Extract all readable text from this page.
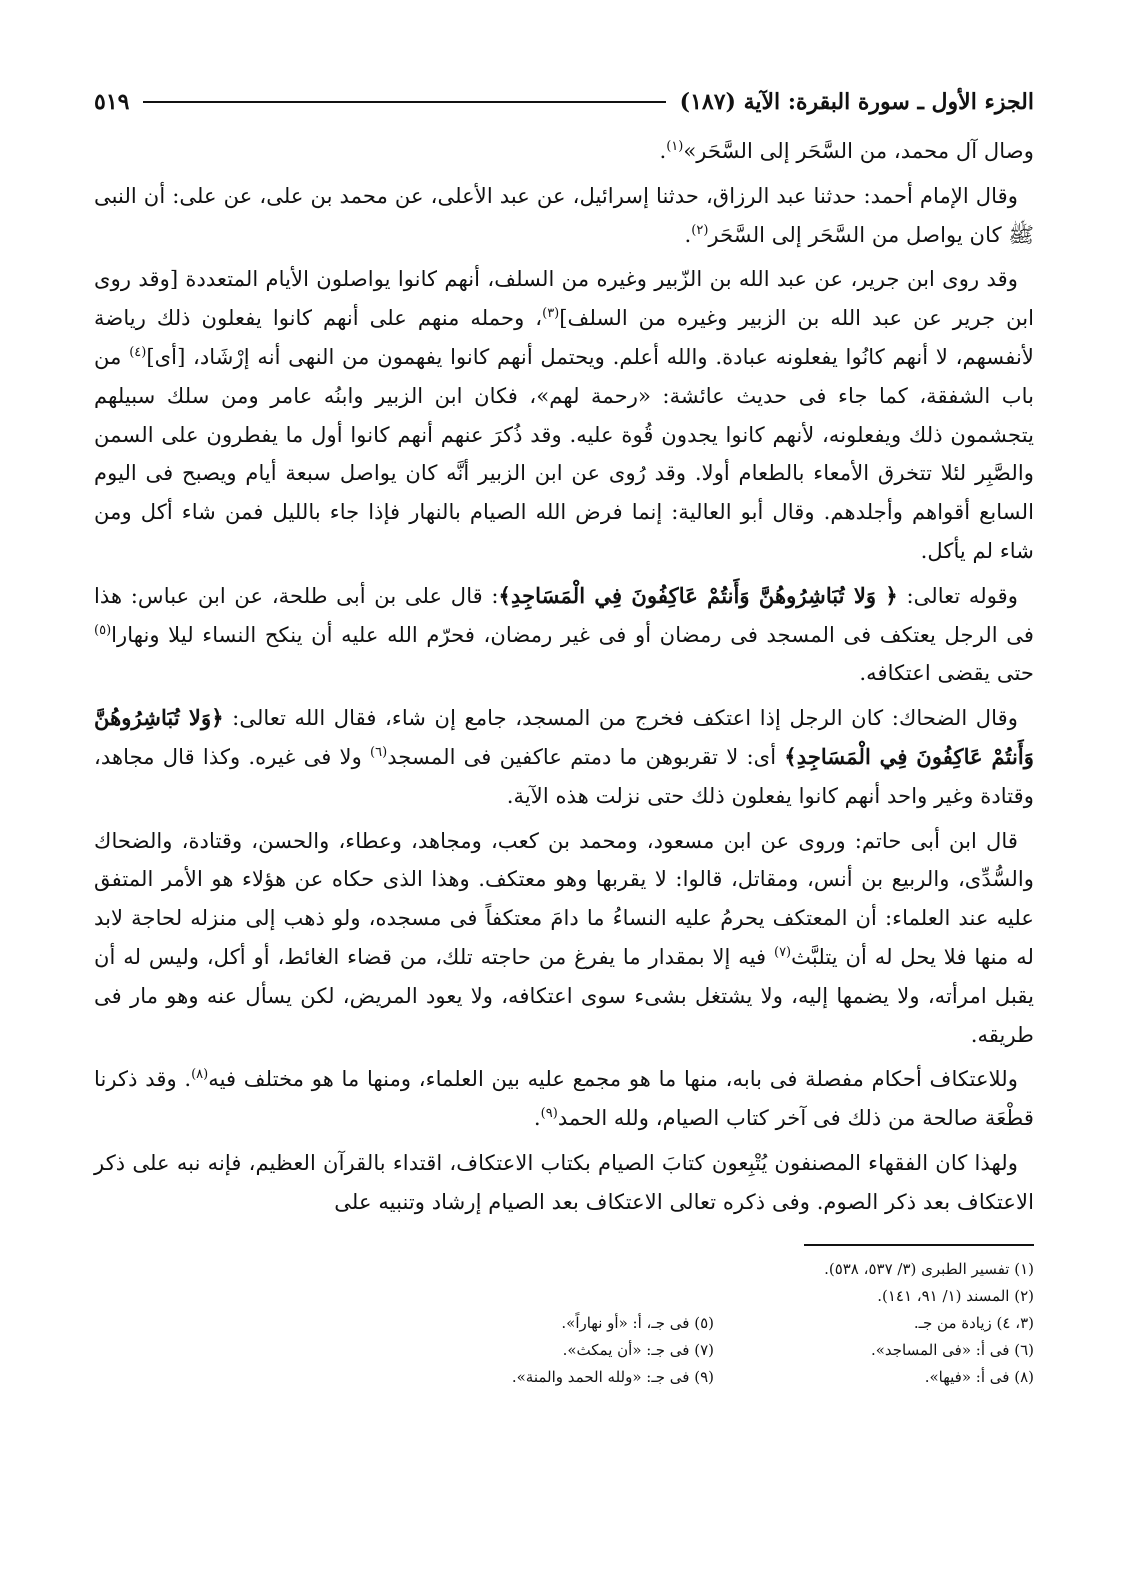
الجزء الأول ـ سورة البقرة: الآية (١٨٧)
٥١٩

وصال آل محمد، من السَّحَر إلى السَّحَر»$^{(١)}$.

وقال الإمام أحمد: حدثنا عبد الرزاق، حدثنا إسرائيل، عن عبد الأعلى، عن محمد بن على، عن على: أن النبى ﷺ كان يواصل من السَّحَر إلى السَّحَر$^{(٢)}$.

وقد روى ابن جرير، عن عبد الله بن الزّبير وغيره من السلف، أنهم كانوا يواصلون الأيام المتعددة [وقد روى ابن جرير عن عبد الله بن الزبير وغيره من السلف]$^{(٣)}$، وحمله منهم على أنهم كانوا يفعلون ذلك رياضة لأنفسهم، لا أنهم كانُوا يفعلونه عبادة. والله أعلم. ويحتمل أنهم كانوا يفهمون من النهى أنه إرْشَاد، [أى]$^{(٤)}$ من باب الشفقة، كما جاء فى حديث عائشة: «رحمة لهم»، فكان ابن الزبير وابنُه عامر ومن سلك سبيلهم يتجشمون ذلك ويفعلونه، لأنهم كانوا يجدون قُوة عليه. وقد ذُكرَ عنهم أنهم كانوا أول ما يفطرون على السمن والصَّبِر لئلا تتخرق الأمعاء بالطعام أولا. وقد رُوى عن ابن الزبير أنَّه كان يواصل سبعة أيام ويصبح فى اليوم السابع أقواهم وأجلدهم. وقال أبو العالية: إنما فرض الله الصيام بالنهار فإذا جاء بالليل فمن شاء أكل ومن شاء لم يأكل.

وقوله تعالى: ﴿ وَلا تُبَاشِرُوهُنَّ وَأَنتُمْ عَاكِفُونَ فِي الْمَسَاجِدِ﴾: قال على بن أبى طلحة، عن ابن عباس: هذا فى الرجل يعتكف فى المسجد فى رمضان أو فى غير رمضان، فحرّم الله عليه أن ينكح النساء ليلا ونهارا$^{(٥)}$ حتى يقضى اعتكافه.

وقال الضحاك: كان الرجل إذا اعتكف فخرج من المسجد، جامع إن شاء، فقال الله تعالى: ﴿وَلا تُبَاشِرُوهُنَّ وَأَنتُمْ عَاكِفُونَ فِي الْمَسَاجِدِ﴾ أى: لا تقربوهن ما دمتم عاكفين فى المسجد$^{(٦)}$ ولا فى غيره. وكذا قال مجاهد، وقتادة وغير واحد أنهم كانوا يفعلون ذلك حتى نزلت هذه الآية.

قال ابن أبى حاتم: وروى عن ابن مسعود، ومحمد بن كعب، ومجاهد، وعطاء، والحسن، وقتادة، والضحاك والسُّدِّى، والربيع بن أنس، ومقاتل، قالوا: لا يقربها وهو معتكف. وهذا الذى حكاه عن هؤلاء هو الأمر المتفق عليه عند العلماء: أن المعتكف يحرمُ عليه النساءُ ما دامَ معتكفاً فى مسجده، ولو ذهب إلى منزله لحاجة لابد له منها فلا يحل له أن يتلبَّث$^{(٧)}$ فيه إلا بمقدار ما يفرغ من حاجته تلك، من قضاء الغائط، أو أكل، وليس له أن يقبل امرأته، ولا يضمها إليه، ولا يشتغل بشىء سوى اعتكافه، ولا يعود المريض، لكن يسأل عنه وهو مار فى طريقه.

وللاعتكاف أحكام مفصلة فى بابه، منها ما هو مجمع عليه بين العلماء، ومنها ما هو مختلف فيه$^{(٨)}$. وقد ذكرنا قطْعَة صالحة من ذلك فى آخر كتاب الصيام، ولله الحمد$^{(٩)}$.

ولهذا كان الفقهاء المصنفون يُتْبِعون كتابَ الصيام بكتاب الاعتكاف، اقتداء بالقرآن العظيم، فإنه نبه على ذكر الاعتكاف بعد ذكر الصوم. وفى ذكره تعالى الاعتكاف بعد الصيام إرشاد وتنبيه على

(١) تفسير الطبرى (٣/ ٥٣٧، ٥٣٨).
(٢) المسند (١/ ٩١، ١٤١).
(٣، ٤) زيادة من جـ.
(٥) فى جـ، أ: «أو نهاراً».
(٦) فى أ: «فى المساجد».
(٧) فى جـ: «أن يمكث».
(٨) فى أ: «فيها».
(٩) فى جـ: «ولله الحمد والمنة».
